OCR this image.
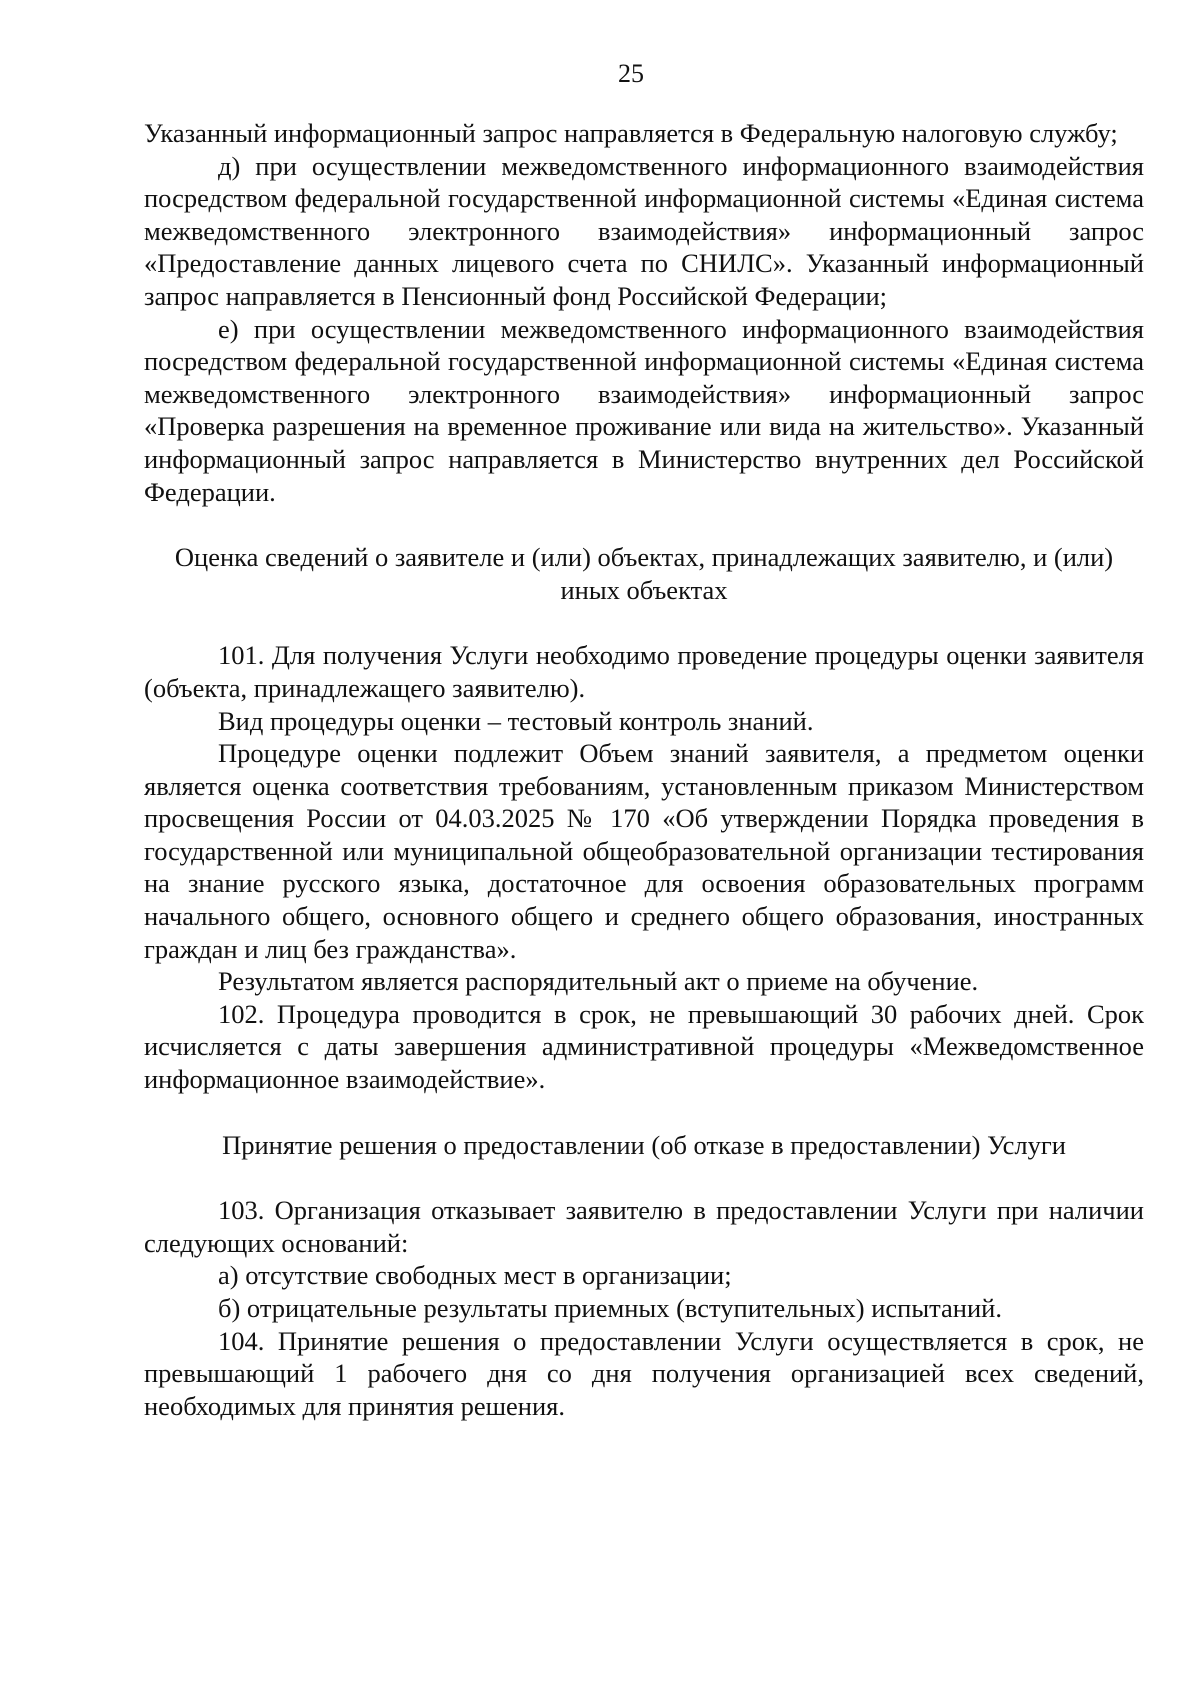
25

Указанный информационный запрос направляется в Федеральную налоговую службу;

д) при осуществлении межведомственного информационного взаимодействия посредством федеральной государственной информационной системы «Единая система межведомственного электронного взаимодействия» информационный запрос «Предоставление данных лицевого счета по СНИЛС». Указанный информационный запрос направляется в Пенсионный фонд Российской Федерации;

е) при осуществлении межведомственного информационного взаимодействия посредством федеральной государственной информационной системы «Единая система межведомственного электронного взаимодействия» информационный запрос «Проверка разрешения на временное проживание или вида на жительство». Указанный информационный запрос направляется в Министерство внутренних дел Российской Федерации.

Оценка сведений о заявителе и (или) объектах, принадлежащих заявителю, и (или) иных объектах

101. Для получения Услуги необходимо проведение процедуры оценки заявителя (объекта, принадлежащего заявителю).

Вид процедуры оценки – тестовый контроль знаний.

Процедуре оценки подлежит Объем знаний заявителя, а предметом оценки является оценка соответствия требованиям, установленным приказом Министерством просвещения России от 04.03.2025 № 170 «Об утверждении Порядка проведения в государственной или муниципальной общеобразовательной организации тестирования на знание русского языка, достаточное для освоения образовательных программ начального общего, основного общего и среднего общего образования, иностранных граждан и лиц без гражданства».

Результатом является распорядительный акт о приеме на обучение.

102. Процедура проводится в срок, не превышающий 30 рабочих дней. Срок исчисляется с даты завершения административной процедуры «Межведомственное информационное взаимодействие».

Принятие решения о предоставлении (об отказе в предоставлении) Услуги

103. Организация отказывает заявителю в предоставлении Услуги при наличии следующих оснований:

а) отсутствие свободных мест в организации;

б) отрицательные результаты приемных (вступительных) испытаний.

104. Принятие решения о предоставлении Услуги осуществляется в срок, не превышающий 1 рабочего дня со дня получения организацией всех сведений, необходимых для принятия решения.
